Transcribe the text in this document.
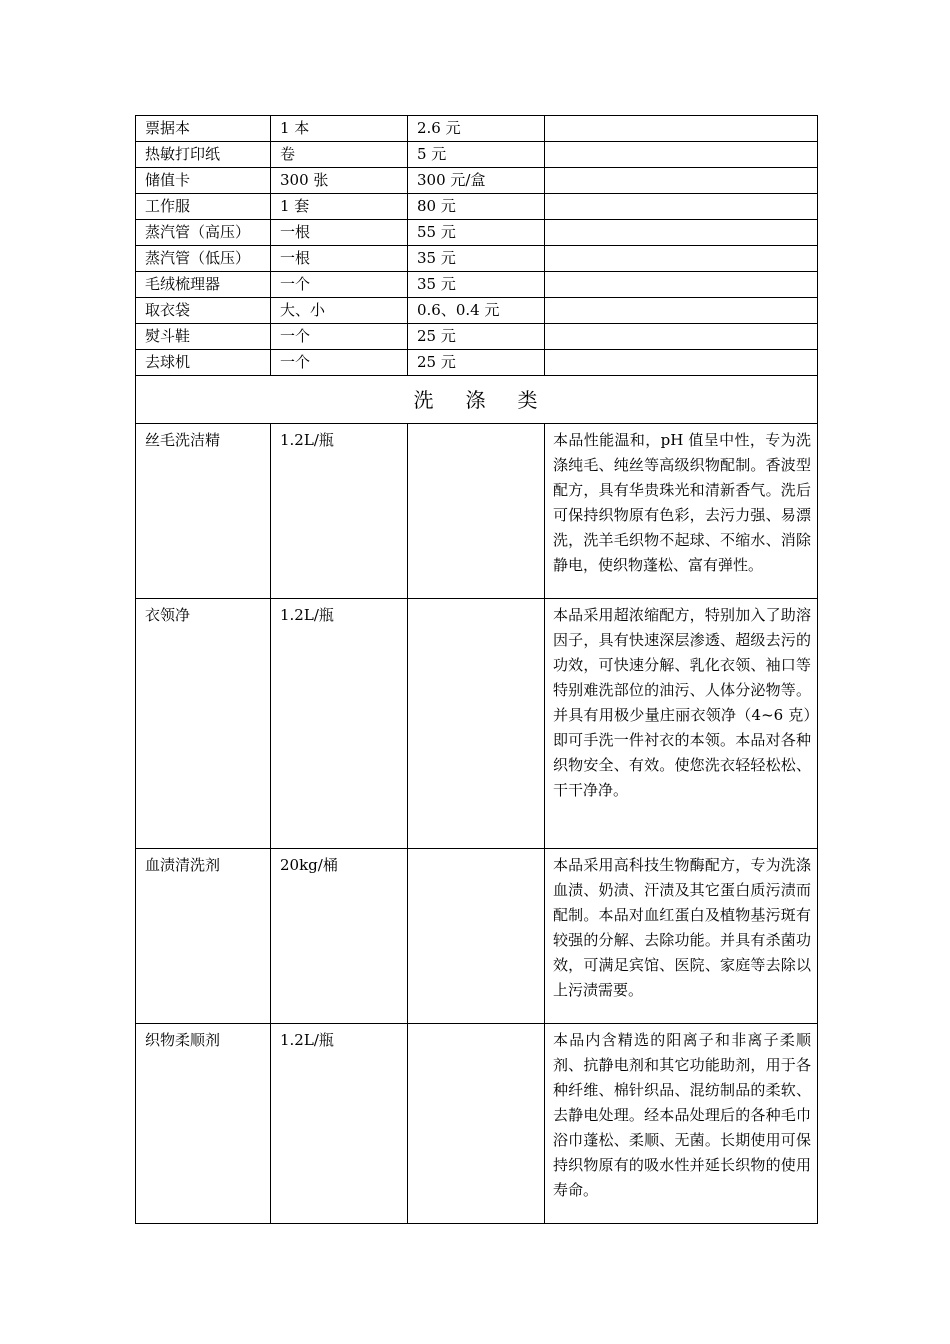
票据本	1 本	2.6 元	
热敏打印纸	卷	5 元	
储值卡	300 张	300 元/盒	
工作服	1 套	80 元	
蒸汽管（高压）	一根	55 元	
蒸汽管（低压）	一根	35 元	
毛绒梳理器	一个	35 元	
取衣袋	大、小	0.6、0.4 元	
熨斗鞋	一个	25 元	
去球机	一个	25 元	
洗涤类			
丝毛洗洁精	1.2L/瓶		本品性能温和，pH 值呈中性，专为洗涤纯毛、纯丝等高级织物配制。香波型配方，具有华贵珠光和清新香气。洗后可保持织物原有色彩，去污力强、易漂洗，洗羊毛织物不起球、不缩水、消除静电，使织物蓬松、富有弹性。
衣领净	1.2L/瓶		本品采用超浓缩配方，特别加入了助溶因子，具有快速深层渗透、超级去污的功效，可快速分解、乳化衣领、袖口等特别难洗部位的油污、人体分泌物等。并具有用极少量庄丽衣领净（4~6 克）即可手洗一件衬衣的本领。本品对各种织物安全、有效。使您洗衣轻轻松松、干干净净。
血渍清洗剂	20kg/桶		本品采用高科技生物酶配方，专为洗涤血渍、奶渍、汗渍及其它蛋白质污渍而配制。本品对血红蛋白及植物基污斑有较强的分解、去除功能。并具有杀菌功效，可满足宾馆、医院、家庭等去除以上污渍需要。
织物柔顺剂	1.2L/瓶		本品内含精选的阳离子和非离子柔顺剂、抗静电剂和其它功能助剂，用于各种纤维、棉针织品、混纺制品的柔软、去静电处理。经本品处理后的各种毛巾浴巾蓬松、柔顺、无菌。长期使用可保持织物原有的吸水性并延长织物的使用寿命。
